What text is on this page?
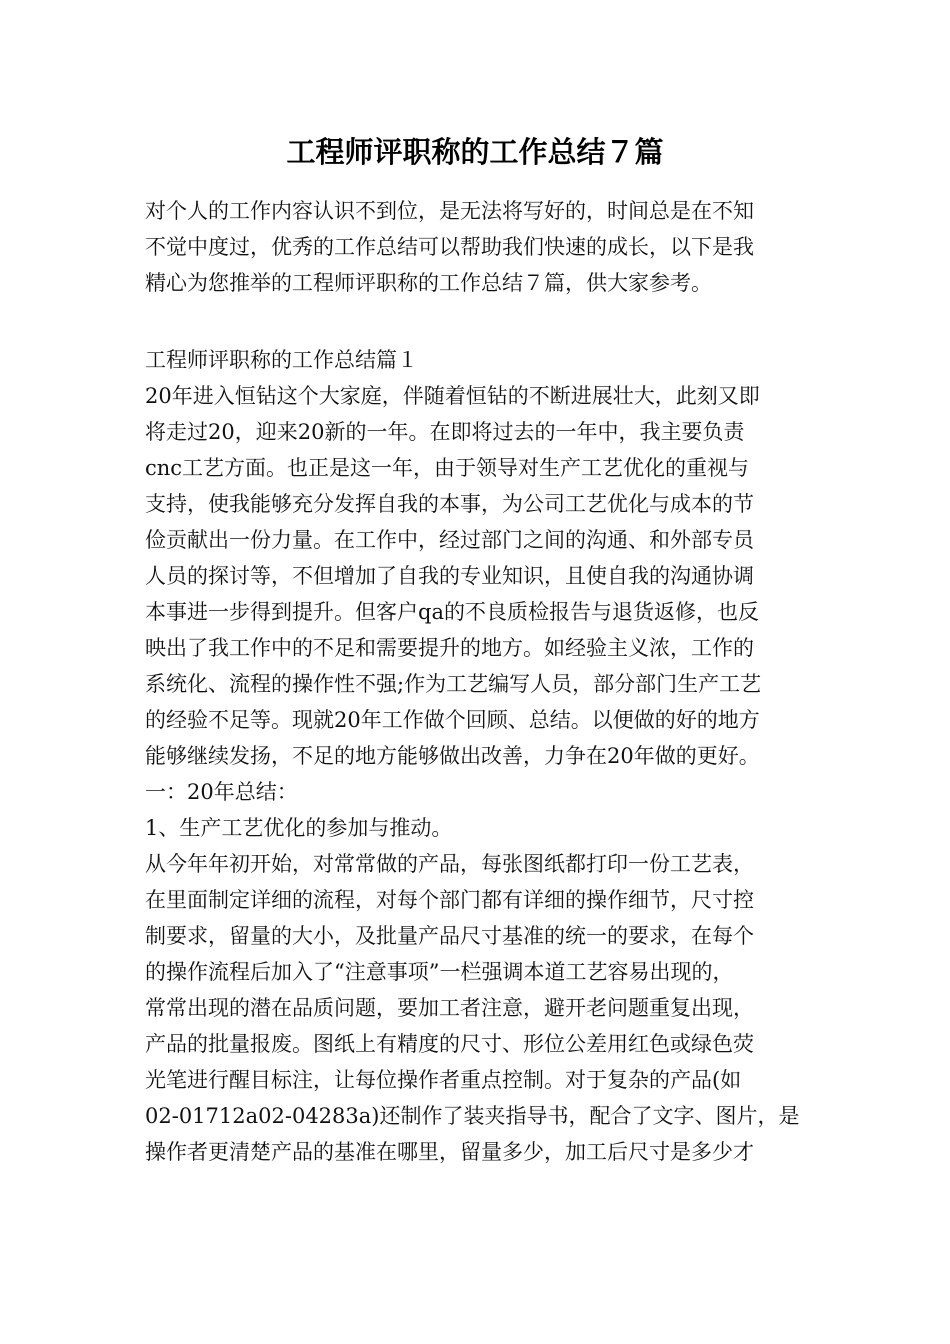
工程师评职称的工作总结７篇
对个人的工作内容认识不到位，是无法将写好的，时间总是在不知
不觉中度过，优秀的工作总结可以帮助我们快速的成长，以下是我
精心为您推举的工程师评职称的工作总结７篇，供大家参考。
工程师评职称的工作总结篇１
20年进入恒钻这个大家庭，伴随着恒钻的不断进展壮大，此刻又即
将走过20，迎来20新的一年。在即将过去的一年中，我主要负责
cnc工艺方面。也正是这一年，由于领导对生产工艺优化的重视与
支持，使我能够充分发挥自我的本事，为公司工艺优化与成本的节
俭贡献出一份力量。在工作中，经过部门之间的沟通、和外部专员
人员的探讨等，不但增加了自我的专业知识，且使自我的沟通协调
本事进一步得到提升。但客户qa的不良质检报告与退货返修，也反
映出了我工作中的不足和需要提升的地方。如经验主义浓，工作的
系统化、流程的操作性不强;作为工艺编写人员，部分部门生产工艺
的经验不足等。现就20年工作做个回顾、总结。以便做的好的地方
能够继续发扬，不足的地方能够做出改善，力争在20年做的更好。
一：20年总结：
1、生产工艺优化的参加与推动。
从今年年初开始，对常常做的产品，每张图纸都打印一份工艺表，
在里面制定详细的流程，对每个部门都有详细的操作细节，尺寸控
制要求，留量的大小，及批量产品尺寸基准的统一的要求，在每个
的操作流程后加入了“注意事项”一栏强调本道工艺容易出现的，
常常出现的潜在品质问题，要加工者注意，避开老问题重复出现，
产品的批量报废。图纸上有精度的尺寸、形位公差用红色或绿色荧
光笔进行醒目标注，让每位操作者重点控制。对于复杂的产品(如
02-01712a02-04283a)还制作了装夹指导书，配合了文字、图片，是
操作者更清楚产品的基准在哪里，留量多少，加工后尺寸是多少才
